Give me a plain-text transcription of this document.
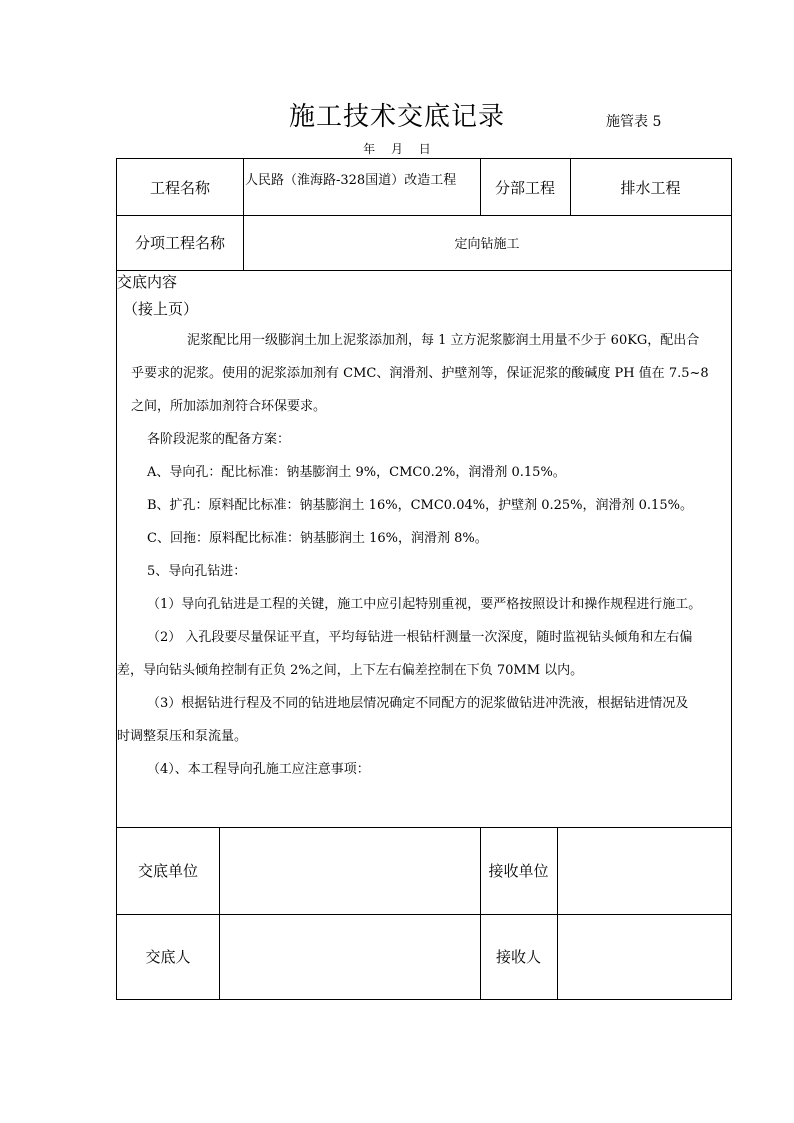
施工技术交底记录	施管表 5
年 月 日
工程名称	人民路（淮海路-328国道）改造工程	分部工程	排水工程
分项工程名称	定向钻施工

交底内容

（接上页）

泥浆配比用一级膨润土加上泥浆添加剂，每 1 立方泥浆膨润土用量不少于 60KG，配出合

乎要求的泥浆。使用的泥浆添加剂有 CMC、润滑剂、护壁剂等，保证泥浆的酸碱度 PH 值在 7.5~8

之间，所加添加剂符合环保要求。

各阶段泥浆的配备方案：

A、导向孔：配比标准：钠基膨润土 9%，CMC0.2%，润滑剂 0.15%。

B、扩孔：原料配比标准：钠基膨润土 16%，CMC0.04%，护壁剂 0.25%，润滑剂 0.15%。

C、回拖：原料配比标准：钠基膨润土 16%，润滑剂 8%。

5、导向孔钻进：

（1）导向孔钻进是工程的关键，施工中应引起特别重视，要严格按照设计和操作规程进行施工。

（2） 入孔段要尽量保证平直，平均每钻进一根钻杆测量一次深度，随时监视钻头倾角和左右偏

差，导向钻头倾角控制有正负 2%之间，上下左右偏差控制在下负 70MM 以内。

（3）根据钻进行程及不同的钻进地层情况确定不同配方的泥浆做钻进冲洗液，根据钻进情况及

时调整泵压和泵流量。

（4）、本工程导向孔施工应注意事项：

交底单位	接收单位
交底人	接收人
